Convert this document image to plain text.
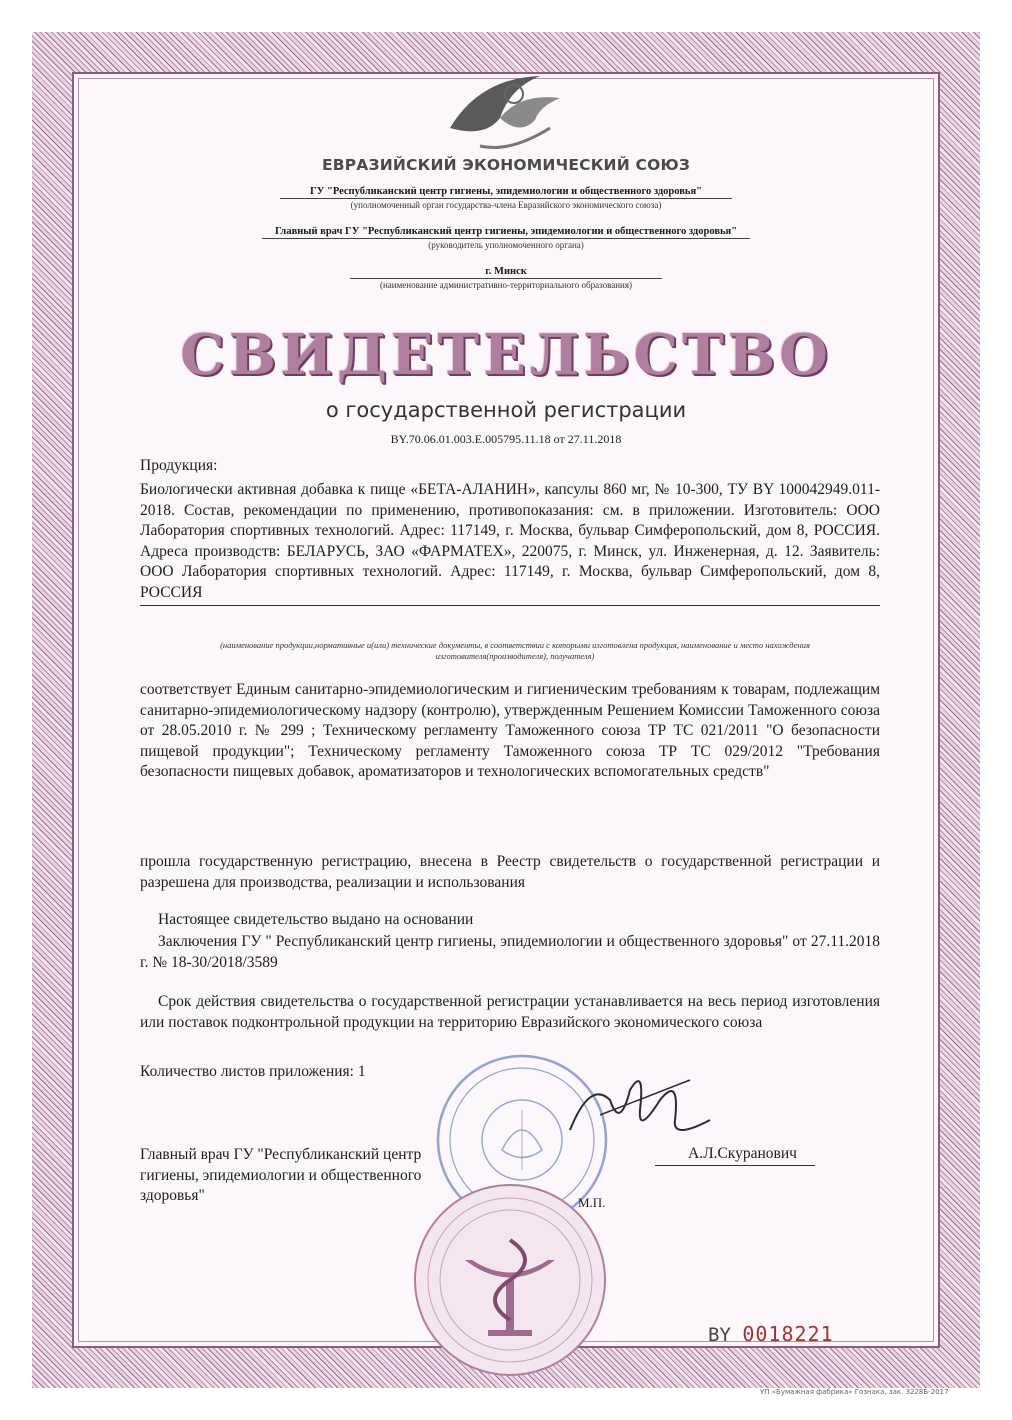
ЕВРАЗИЙСКИЙ ЭКОНОМИЧЕСКИЙ СОЮЗ
ГУ "Республиканский центр гигиены, эпидемиологии и общественного здоровья"
(уполномоченный орган государства-члена Евразийского экономического союза)
Главный врач ГУ "Республиканский центр гигиены, эпидемиологии и общественного здоровья"
(руководитель уполномоченного органа)
г. Минск
(наименование административно-территориального образования)
СВИДЕТЕЛЬСТВО
о государственной регистрации
BY.70.06.01.003.E.005795.11.18 от 27.11.2018
Продукция:
Биологически активная добавка к пище «БЕТА-АЛАНИН», капсулы 860 мг, № 10-300, ТУ BY 100042949.011-2018. Состав, рекомендации по применению, противопоказания: см. в приложении. Изготовитель: ООО Лаборатория спортивных технологий. Адрес: 117149, г. Москва, бульвар Симферопольский, дом 8, РОССИЯ. Адреса производств: БЕЛАРУСЬ, ЗАО «ФАРМАТЕХ», 220075, г. Минск, ул. Инженерная, д. 12. Заявитель: ООО Лаборатория спортивных технологий. Адрес: 117149, г. Москва, бульвар Симферопольский, дом 8, РОССИЯ
(наименование продукции,нормативные и(или) технические документы, в соответствии с которыми изготовлена продукция, наименование и место нахождения изготовителя(производителя), получателя)
соответствует Единым санитарно-эпидемиологическим и гигиеническим требованиям к товарам, подлежащим санитарно-эпидемиологическому надзору (контролю), утвержденным Решением Комиссии Таможенного союза от 28.05.2010 г. № 299 ; Техническому регламенту Таможенного союза ТР ТС 021/2011 "О безопасности пищевой продукции"; Техническому регламенту Таможенного союза ТР ТС 029/2012 "Требования безопасности пищевых добавок, ароматизаторов и технологических вспомогательных средств"
прошла государственную регистрацию, внесена в Реестр свидетельств о государственной регистрации и разрешена для производства, реализации и использования
Настоящее свидетельство выдано на основании
Заключения ГУ " Республиканский центр гигиены, эпидемиологии и общественного здоровья" от 27.11.2018 г. № 18-30/2018/3589
Срок действия свидетельства о государственной регистрации устанавливается на весь период изготовления или поставок подконтрольной продукции на территорию Евразийского экономического союза
Количество листов приложения: 1
Главный врач ГУ "Республиканский центр гигиены, эпидемиологии и общественного здоровья"
А.Л.Скуранович
М.П.
BY 0018221
УП «Бумажная фабрика» Гознака, зак. 3228Б-2017
